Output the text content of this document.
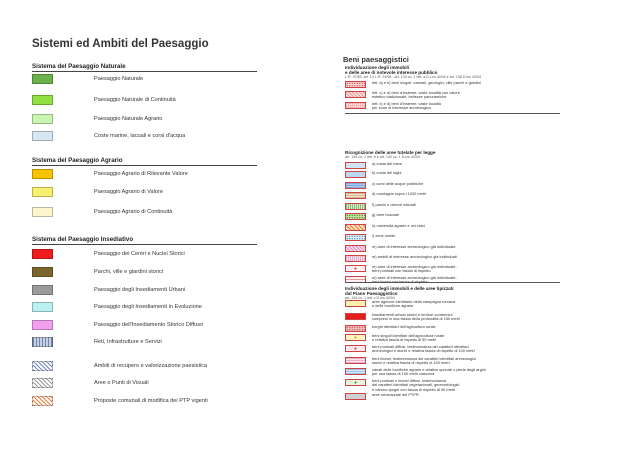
Sistemi ed Ambiti del Paesaggio
Beni paesaggistici
Sistema del Paesaggio Naturale
Paesaggio Naturale
Paesaggio Naturale di Continuità
Paesaggio Naturale Agrario
Coste marine, lacuali e corsi d'acqua
Sistema del Paesaggio Agrario
Paesaggio Agrario di Rilevante Valore
Paesaggio Agrario di Valore
Paesaggio Agrario di Continuità
Sistema del Paesaggio Insediativo
Paesaggio dei Centri e Nuclei Storici
Parchi, ville e giardini storici
Paesaggio degli Insediamenti Urbani
Paesaggio degli Insediamenti in Evoluzione
Paesaggio dell'Insediamento Storico Diffuso
Reti, Infrastrutture e Servizi
Ambiti di recupero e valorizzazione paesistica
Aree o Punti di Visuali
Proposte comunali di modifica dei PTP vigenti
Individuazione degli immobili
e delle aree di notevole interesse pubblico
L.R. 37/83, art. 14 L.R. 24/98 - art. 134 co. 1 lett. a D.Lvo 42/04 e art. 136 D.lvo 42/04
lett. a) e b) beni singoli: naturali, geologici, ville parchi e giardini
lett. c) e d) beni d'insieme: vaste località con valore
estetico tradizionale, bellezze panoramiche
lett. c) e d) beni d'insieme: vaste località
per zone di interesse archeologico
Ricognizione delle aree tutelate per legge
art. 134 co. 1 lett. b e art. 142 co. 1 D.lvo 42/04
a) costa dei mare
b) costa dei laghi
c) corsi delle acque pubbliche
d) montagne sopra i 1200 metri
f) parchi e riserve naturali
g) aree boscate
h) università agrarie e usi civici
i) zone umide
m) aree di interesse archeologico già individuate
m) ambiti di interesse archeologico già individuati
m) aree di interesse archeologico già individuate -
beni puntuali con fascia di rispetto
m) aree di interesse archeologico già individuate -
beni lineari con fascia di rispetto
Individuazione degli immobili e delle aree tipizzati
dal Piano Paesaggistico
art. 134 co. 1 lett. c D.lvo 42/04
aree agricole identitarie della campagna romana
e delle bonifiche agrarie
insediamenti urbani storici e territori contermini
compresi in una fascia della profondità di 150 metri
borghi identitari dell'agricoltura rurale
beni singoli identitari dell'agricoltura rurale
e relativa fascia di rispetto di 50 metri
beni puntuali diffusi, testimonianza dei caratteri identitari
archeologici e storici e relativa fascia di rispetto di 100 metri
beni lineari, testimonianza dei caratteri identitari archeologici
storici e relativa fascia di rispetto di 100 metri
canali delle bonifiche agrarie e relative sponde o piede degli argini
per una fascia di 150 metri ciascuna
beni puntuali e lineari diffusi, testimonianza
dei caratteri identitari vegetazionali, geomorfologici
e carsico-ipogei con fascia di rispetto di 50 metri
aree urbanizzate del PTPR
